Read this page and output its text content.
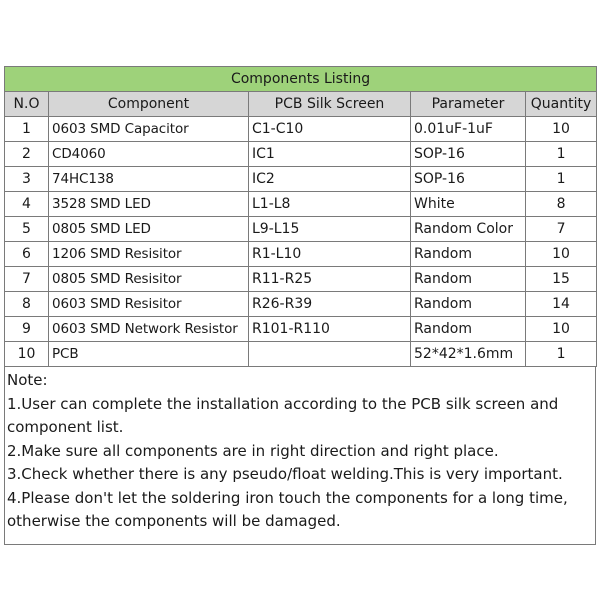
Components Listing				
N.O	Component	PCB Silk Screen	Parameter	Quantity
1	0603 SMD Capacitor	C1-C10	0.01uF-1uF	10
2	CD4060	IC1	SOP-16	1
3	74HC138	IC2	SOP-16	1
4	3528 SMD LED	L1-L8	White	8
5	0805 SMD LED	L9-L15	Random Color	7
6	1206 SMD Resisitor	R1-L10	Random	10
7	0805 SMD Resisitor	R11-R25	Random	15
8	0603 SMD Resisitor	R26-R39	Random	14
9	0603 SMD Network Resistor	R101-R110	Random	10
10	PCB		52*42*1.6mm	1
Note:
1.User can complete the installation according to the PCB silk screen and
component list.
2.Make sure all components are in right direction and right place.
3.Check whether there is any pseudo/float welding.This is very important.
4.Please don't let the soldering iron touch the components for a long time,
otherwise the components will be damaged.
